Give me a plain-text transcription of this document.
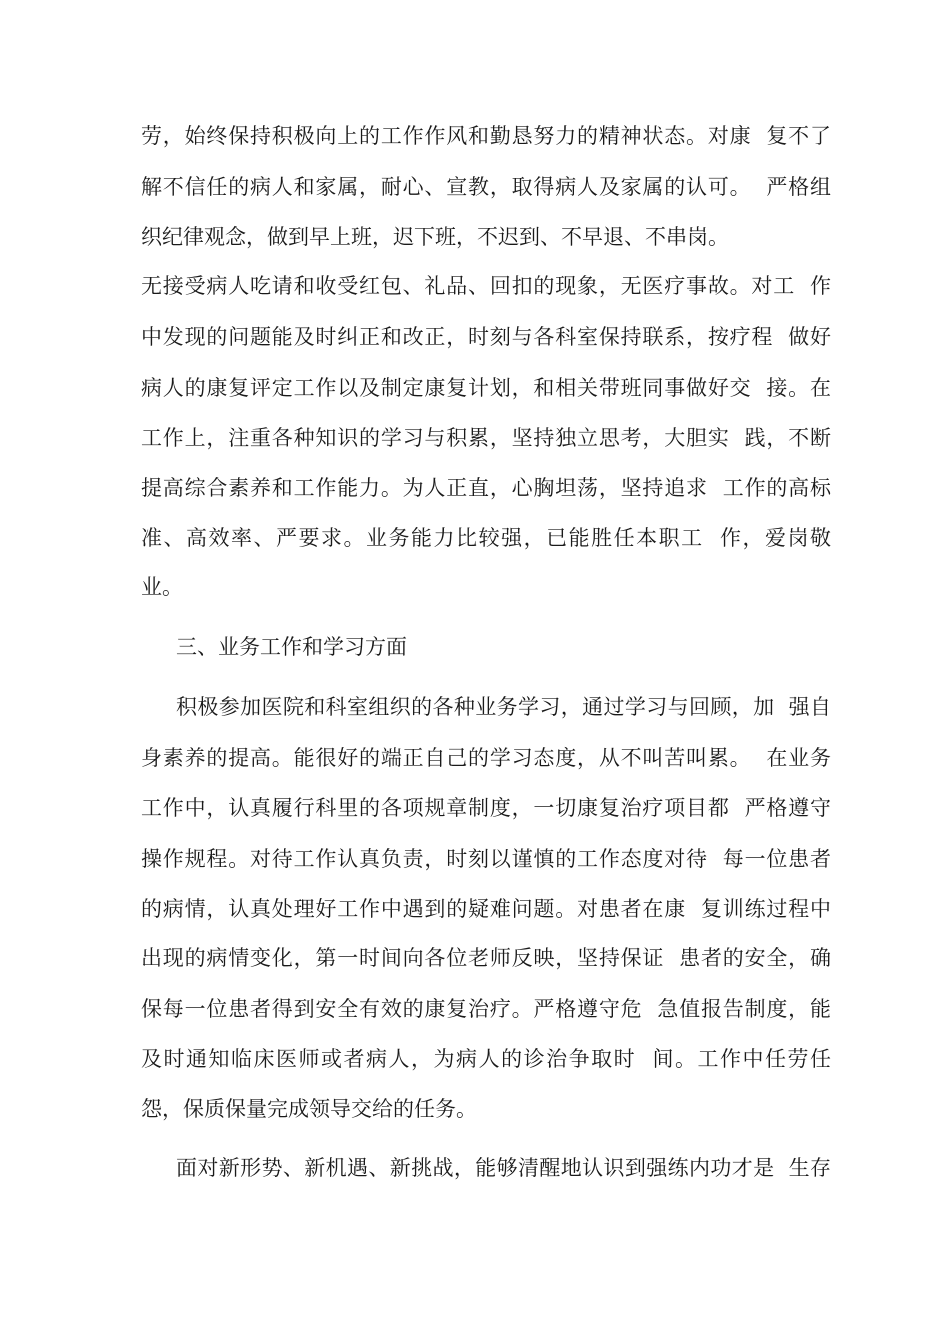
劳，始终保持积极向上的工作作风和勤恳努力的精神状态。对康  复不了
解不信任的病人和家属，耐心、宣教，取得病人及家属的认可。  严格组
织纪律观念，做到早上班，迟下班，不迟到、不早退、不串岗。
无接受病人吃请和收受红包、礼品、回扣的现象，无医疗事故。对工  作
中发现的问题能及时纠正和改正，时刻与各科室保持联系，按疗程  做好
病人的康复评定工作以及制定康复计划，和相关带班同事做好交  接。在
工作上，注重各种知识的学习与积累，坚持独立思考，大胆实  践，不断
提高综合素养和工作能力。为人正直，心胸坦荡，坚持追求  工作的高标
准、高效率、严要求。业务能力比较强，已能胜任本职工  作，爱岗敬
业。
三、业务工作和学习方面
积极参加医院和科室组织的各种业务学习，通过学习与回顾，加  强自
身素养的提高。能很好的端正自己的学习态度，从不叫苦叫累。  在业务
工作中，认真履行科里的各项规章制度，一切康复治疗项目都  严格遵守
操作规程。对待工作认真负责，时刻以谨慎的工作态度对待  每一位患者
的病情，认真处理好工作中遇到的疑难问题。对患者在康  复训练过程中
出现的病情变化，第一时间向各位老师反映，坚持保证  患者的安全，确
保每一位患者得到安全有效的康复治疗。严格遵守危  急值报告制度，能
及时通知临床医师或者病人，为病人的诊治争取时  间。工作中任劳任
怨，保质保量完成领导交给的任务。
面对新形势、新机遇、新挑战，能够清醒地认识到强练内功才是  生存
